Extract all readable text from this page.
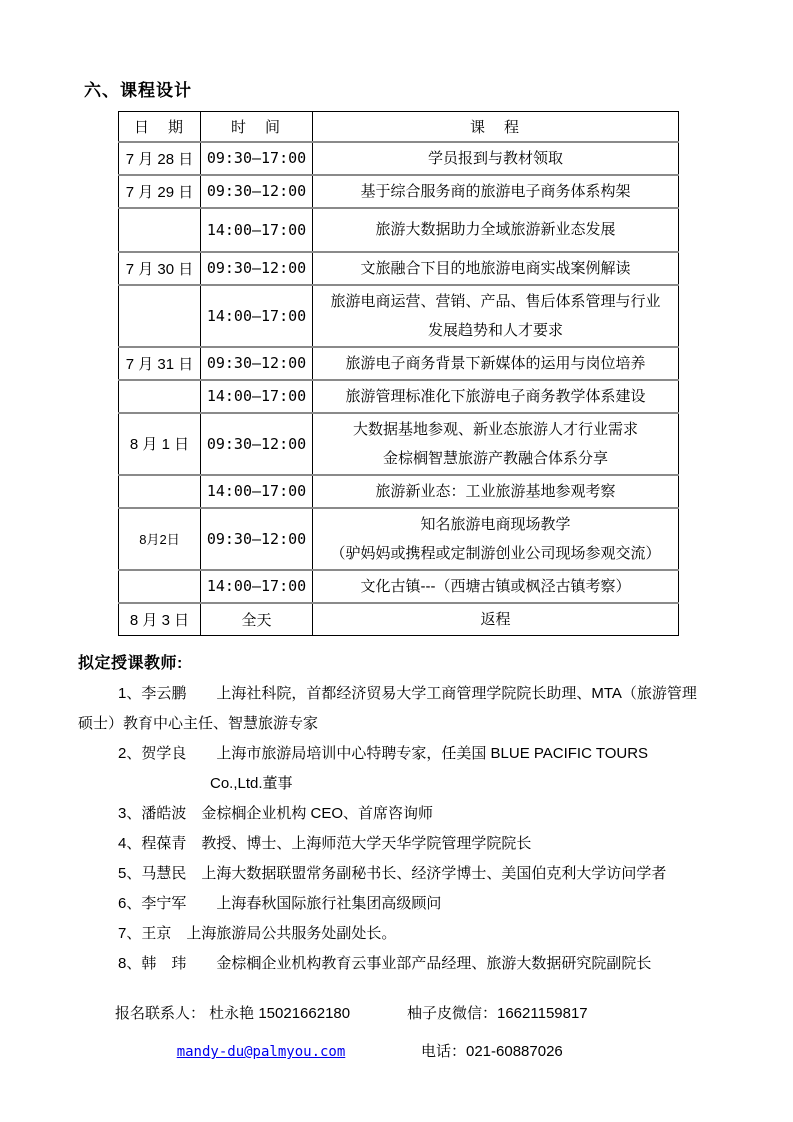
六、课程设计
日　期	时　间	课　程
7 月 28 日	09:30—17:00	学员报到与教材领取

7 月 29 日	09:30—12:00	基于综合服务商的旅游电子商务体系构架

	14:00—17:00	旅游大数据助力全域旅游新业态发展

7 月 30 日	09:30—12:00	文旅融合下目的地旅游电商实战案例解读

	14:00—17:00	旅游电商运营、营销、产品、售后体系管理与行业
发展趋势和人才要求

7 月 31 日	09:30—12:00	旅游电子商务背景下新媒体的运用与岗位培养

	14:00—17:00	旅游管理标准化下旅游电子商务教学体系建设

8 月 1 日	09:30—12:00	大数据基地参观、新业态旅游人才行业需求
金棕榈智慧旅游产教融合体系分享

	14:00—17:00	旅游新业态：工业旅游基地参观考察

8月2日	09:30—12:00	知名旅游电商现场教学
（驴妈妈或携程或定制游创业公司现场参观交流）

	14:00—17:00	文化古镇---（西塘古镇或枫泾古镇考察）

8 月 3 日	全天	返程
拟定授课教师:
1、李云鹏　　上海社科院，首都经济贸易大学工商管理学院院长助理、MTA（旅游管理
硕士）教育中心主任、智慧旅游专家
2、贺学良　　上海市旅游局培训中心特聘专家，任美国 BLUE PACIFIC TOURS
Co.,Ltd.董事
3、潘皓波　金棕榈企业机构 CEO、首席咨询师
4、程葆青　教授、博士、上海师范大学天华学院管理学院院长
5、马慧民　上海大数据联盟常务副秘书长、经济学博士、美国伯克利大学访问学者
6、李宁军　　上海春秋国际旅行社集团高级顾问
7、王京　上海旅游局公共服务处副处长。
8、韩　玮　　金棕榈企业机构教育云事业部产品经理、旅游大数据研究院副院长
报名联系人： 杜永艳 15021662180
mandy-du@palmyou.com
柚子皮微信：16621159817
电话：021-60887026
